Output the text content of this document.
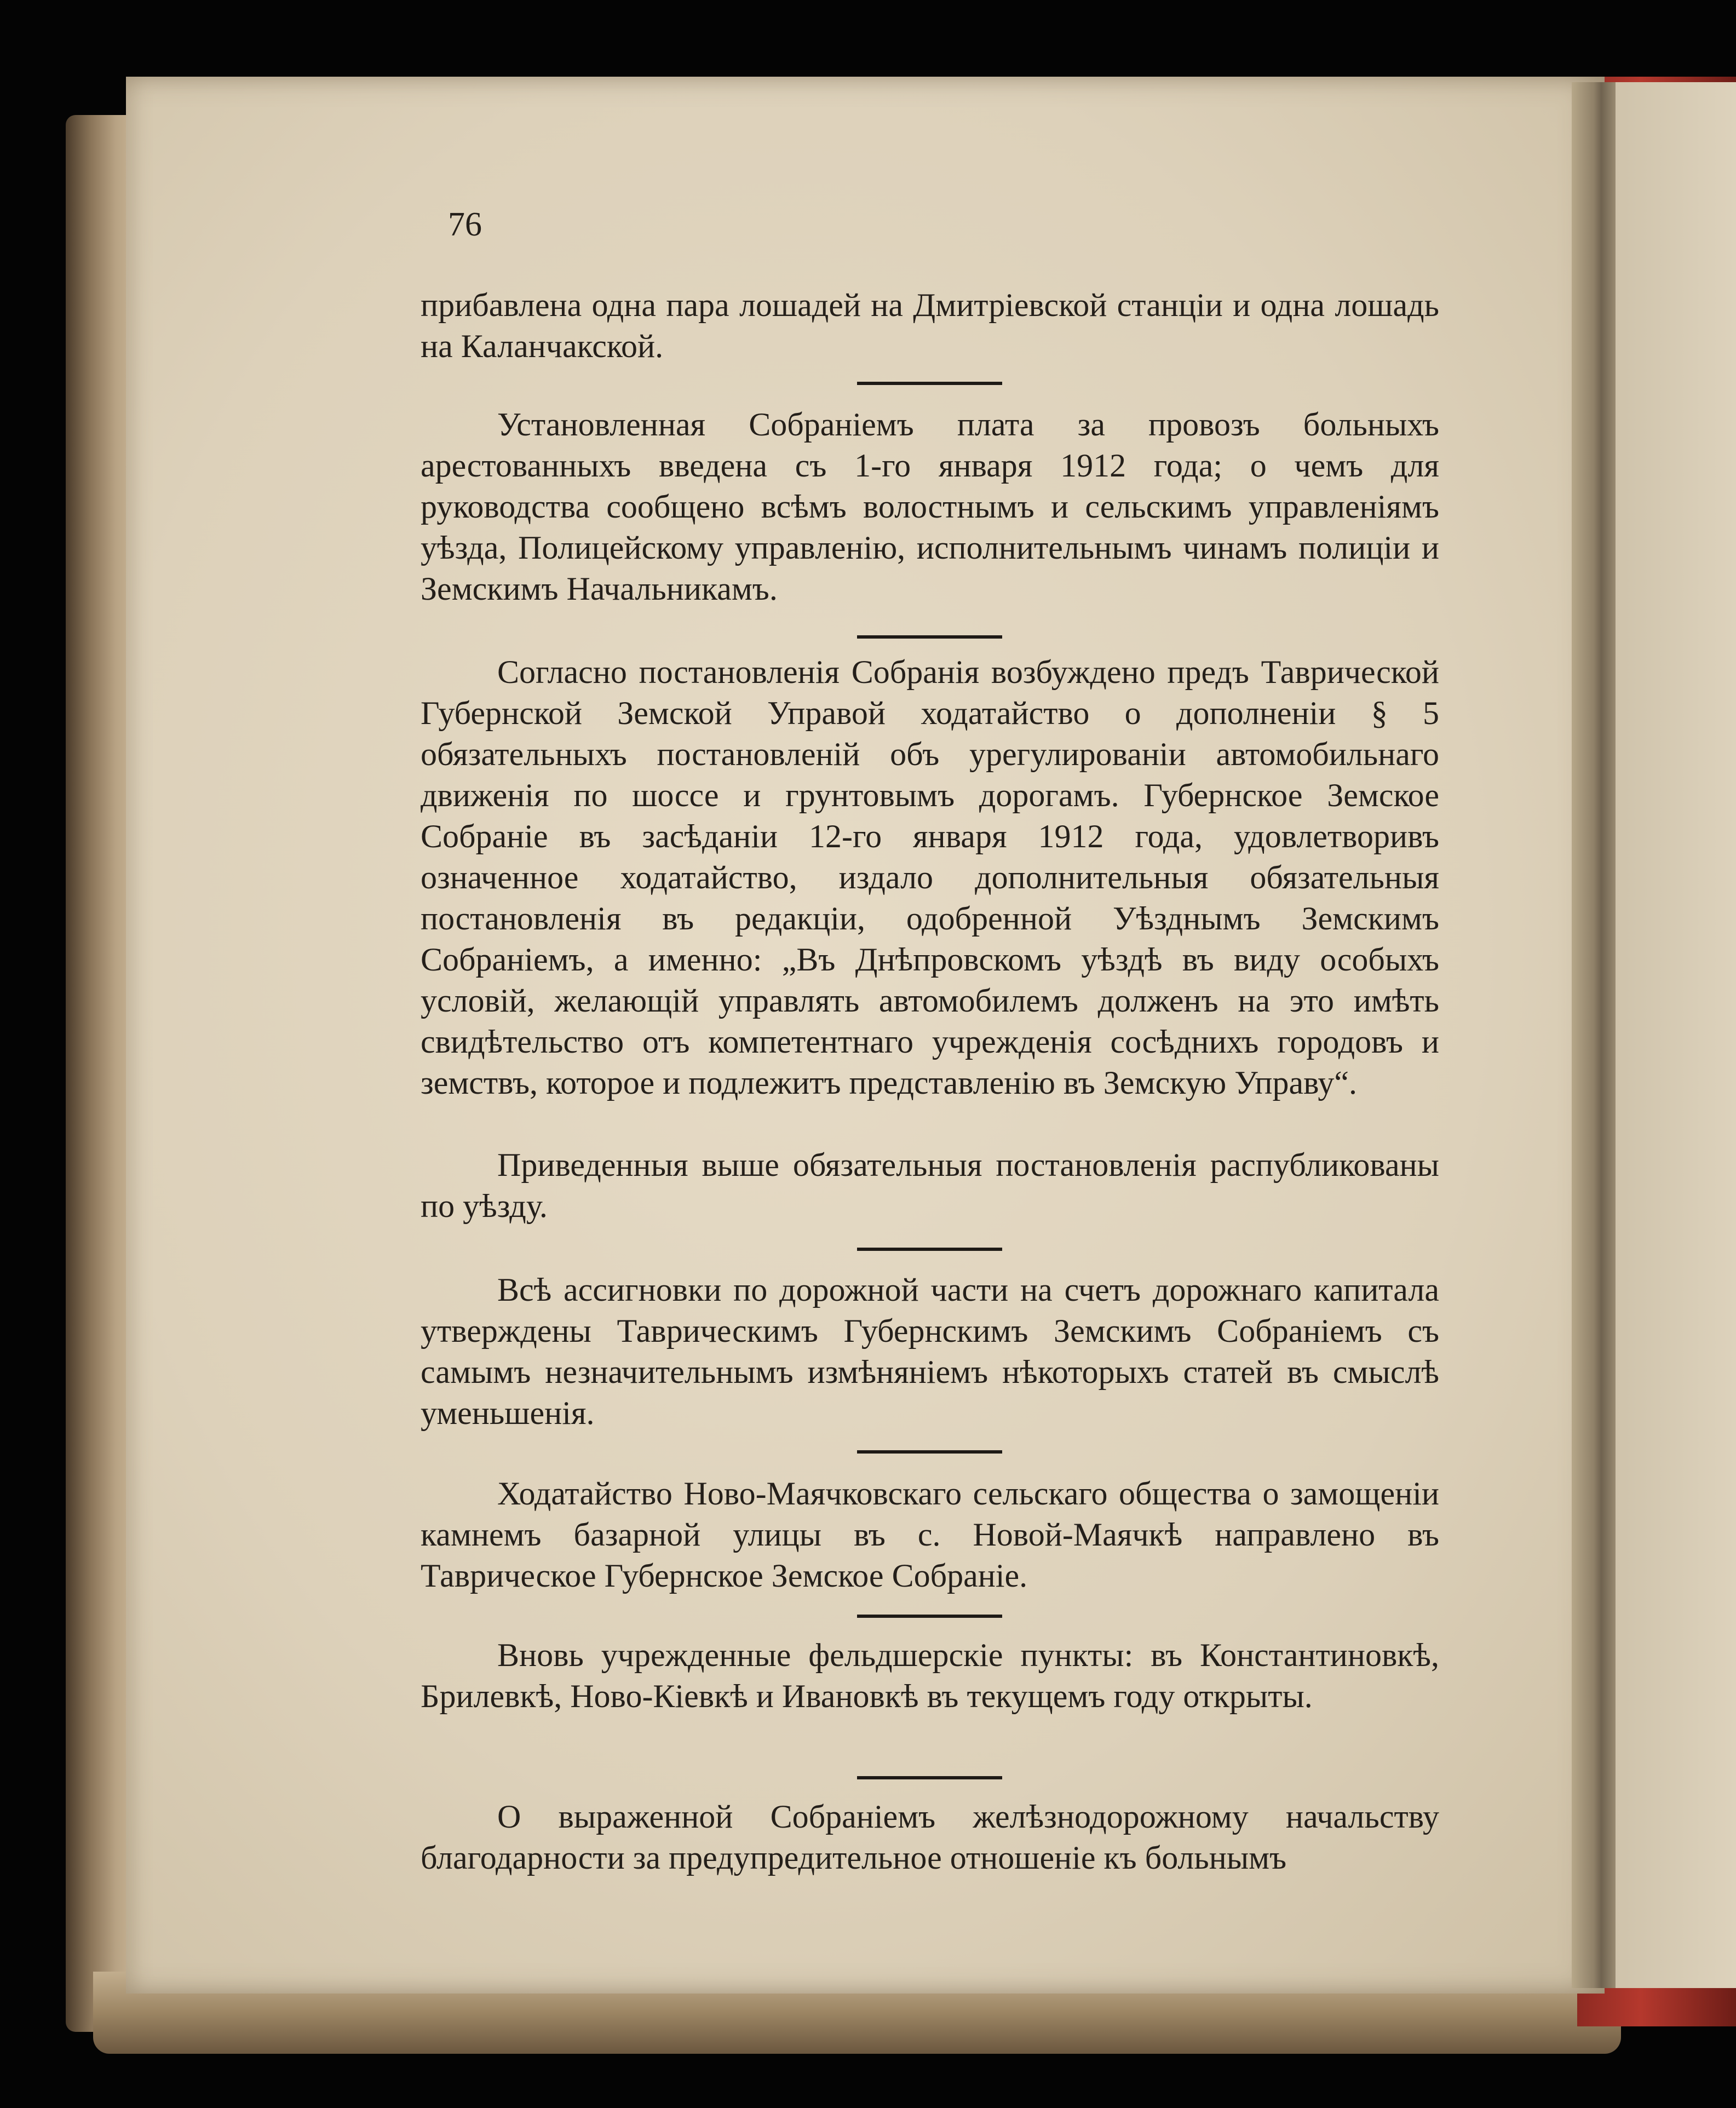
76

прибавлена одна пара лошадей на Дмитріевской станціи и одна лошадь на Каланчакской.

Установленная Собраніемъ плата за провозъ больныхъ арестованныхъ введена съ 1-го января 1912 года; о чемъ для руководства сообщено всѣмъ волостнымъ и сельскимъ управленіямъ уѣзда, Полицейскому управленію, исполнительнымъ чинамъ полиціи и Земскимъ Начальникамъ.

Согласно постановленія Собранія возбуждено предъ Таврической Губернской Земской Управой ходатайство о дополненіи § 5 обязательныхъ постановленій объ урегулированіи автомобильнаго движенія по шоссе и грунтовымъ дорогамъ. Губернское Земское Собраніе въ засѣданіи 12-го января 1912 года, удовлетворивъ означенное ходатайство, издало дополнительныя обязательныя постановленія въ редакціи, одобренной Уѣзднымъ Земскимъ Собраніемъ, а именно: „Въ Днѣпровскомъ уѣздѣ въ виду особыхъ условій, желающій управлять автомобилемъ долженъ на это имѣть свидѣтельство отъ компетентнаго учрежденія сосѣднихъ городовъ и земствъ, которое и подлежитъ представленію въ Земскую Управу“.

Приведенныя выше обязательныя постановленія распубликованы по уѣзду.

Всѣ ассигновки по дорожной части на счетъ дорожнаго капитала утверждены Таврическимъ Губернскимъ Земскимъ Собраніемъ съ самымъ незначительнымъ измѣняніемъ нѣкоторыхъ статей въ смыслѣ уменьшенія.

Ходатайство Ново-Маячковскаго сельскаго общества о замощеніи камнемъ базарной улицы въ с. Новой-Маячкѣ направлено въ Таврическое Губернское Земское Собраніе.

Вновь учрежденные фельдшерскіе пункты: въ Константиновкѣ, Брилевкѣ, Ново-Кіевкѣ и Ивановкѣ въ текущемъ году открыты.

О выраженной Собраніемъ желѣзнодорожному начальству благодарности за предупредительное отношеніе къ больнымъ
